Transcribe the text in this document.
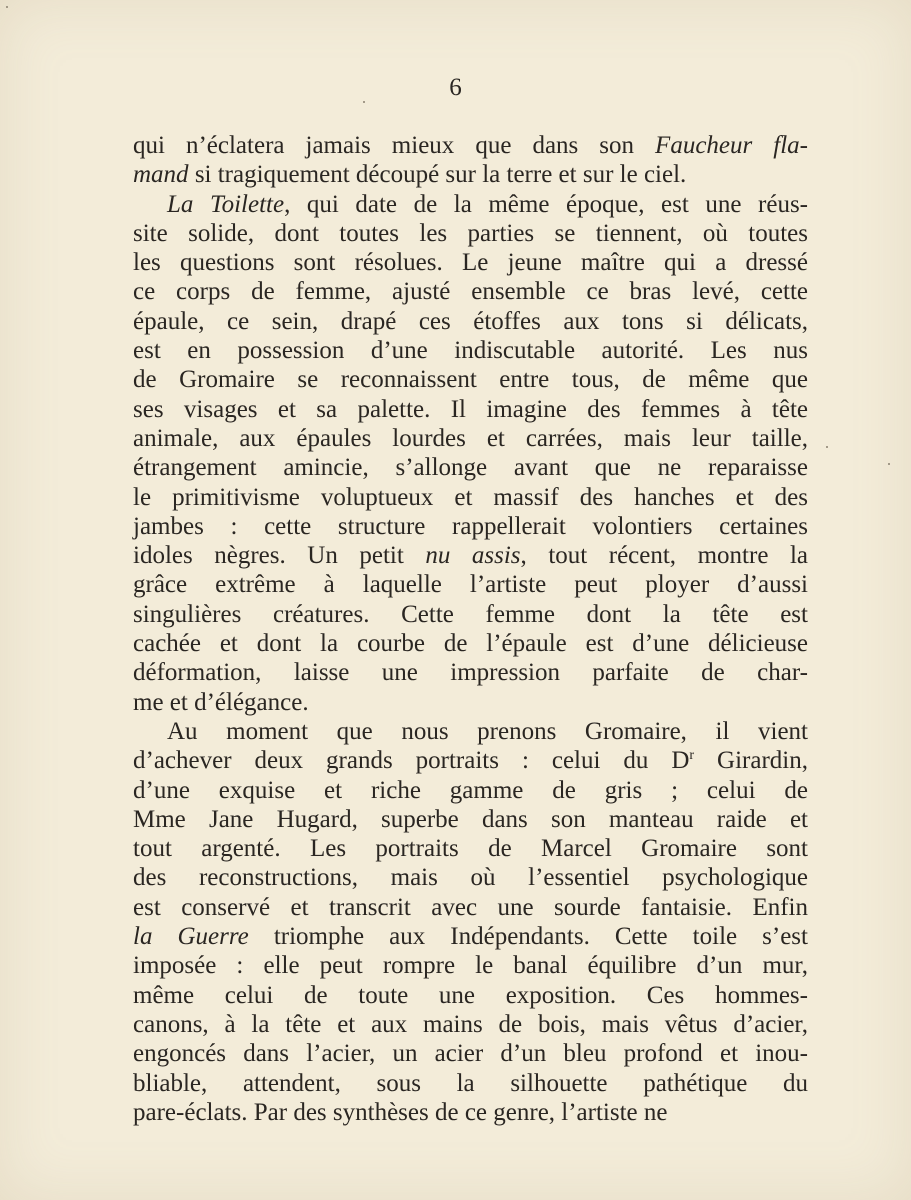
6
qui n’éclatera jamais mieux que dans son Faucheur fla-
mand si tragiquement découpé sur la terre et sur le ciel.
La Toilette, qui date de la même époque, est une réus-
site solide, dont toutes les parties se tiennent, où toutes
les questions sont résolues. Le jeune maître qui a dressé
ce corps de femme, ajusté ensemble ce bras levé, cette
épaule, ce sein, drapé ces étoffes aux tons si délicats,
est en possession d’une indiscutable autorité. Les nus
de Gromaire se reconnaissent entre tous, de même que
ses visages et sa palette. Il imagine des femmes à tête
animale, aux épaules lourdes et carrées, mais leur taille,
étrangement amincie, s’allonge avant que ne reparaisse
le primitivisme voluptueux et massif des hanches et des
jambes : cette structure rappellerait volontiers certaines
idoles nègres. Un petit nu assis, tout récent, montre la
grâce extrême à laquelle l’artiste peut ployer d’aussi
singulières créatures. Cette femme dont la tête est
cachée et dont la courbe de l’épaule est d’une délicieuse
déformation, laisse une impression parfaite de char-
me et d’élégance.
Au moment que nous prenons Gromaire, il vient
d’achever deux grands portraits : celui du $D^r$ Girardin,
d’une exquise et riche gamme de gris ; celui de
Mme Jane Hugard, superbe dans son manteau raide et
tout argenté. Les portraits de Marcel Gromaire sont
des reconstructions, mais où l’essentiel psychologique
est conservé et transcrit avec une sourde fantaisie. Enfin
la Guerre triomphe aux Indépendants. Cette toile s’est
imposée : elle peut rompre le banal équilibre d’un mur,
même celui de toute une exposition. Ces hommes-
canons, à la tête et aux mains de bois, mais vêtus d’acier,
engoncés dans l’acier, un acier d’un bleu profond et inou-
bliable, attendent, sous la silhouette pathétique du
pare-éclats. Par des synthèses de ce genre, l’artiste ne
